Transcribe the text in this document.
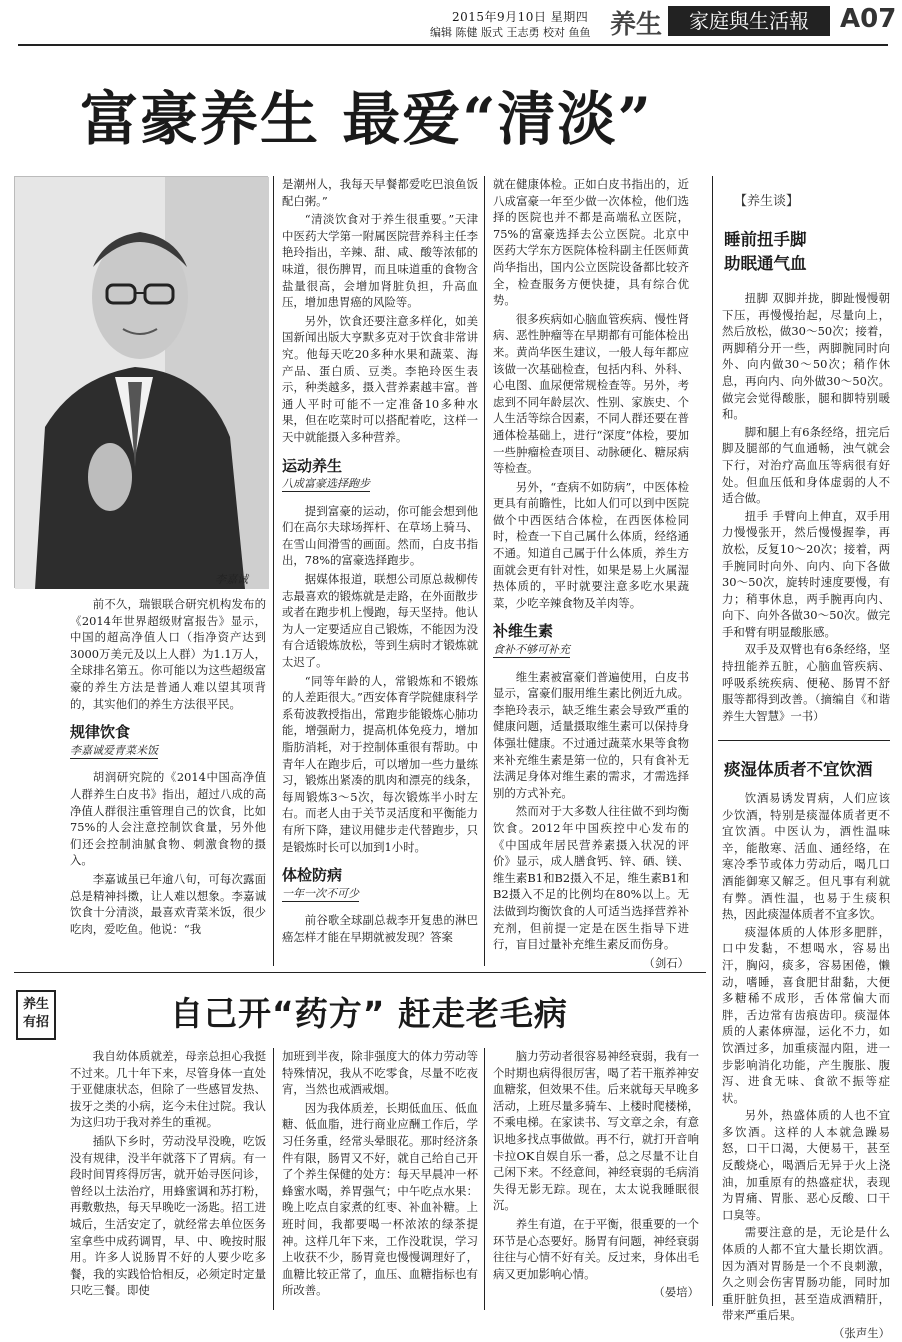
2015年9月10日 星期四
编辑 陈健 版式 王志勇 校对 鱼鱼 养生	家庭與生活報	A07
富豪养生 最爱“清淡”
李嘉诚

前不久，瑞银联合研究机构发布的《2014年世界超级财富报告》显示，中国的超高净值人口（指净资产达到3000万美元及以上人群）为1.1万人，全球排名第五。你可能以为这些超级富豪的养生方法是普通人难以望其项背的，其实他们的养生方法很平民。

规律饮食
李嘉诚爱青菜米饭

胡润研究院的《2014中国高净值人群养生白皮书》指出，超过八成的高净值人群很注重管理自己的饮食，比如75%的人会注意控制饮食量，另外他们还会控制油腻食物、刺激食物的摄入。

李嘉诚虽已年逾八旬，可每次露面总是精神抖擞，让人难以想象。李嘉诚饮食十分清淡，最喜欢青菜米饭，很少吃肉，爱吃鱼。他说：“我

是潮州人，我每天早餐都爱吃巴浪鱼饭配白粥。”

“清淡饮食对于养生很重要。”天津中医药大学第一附属医院营养科主任李艳玲指出，辛辣、甜、咸、酸等浓郁的味道，很伤脾胃，而且味道重的食物含盐量很高，会增加肾脏负担，升高血压，增加患胃癌的风险等。

另外，饮食还要注意多样化，如美国新闻出版大亨默多克对于饮食非常讲究。他每天吃20多种水果和蔬菜、海产品、蛋白质、豆类。李艳玲医生表示，种类越多，摄入营养素越丰富。普通人平时可能不一定准备10多种水果，但在吃菜时可以搭配着吃，这样一天中就能摄入多种营养。

运动养生
八成富豪选择跑步

提到富豪的运动，你可能会想到他们在高尔夫球场挥杆、在草场上骑马、在雪山间滑雪的画面。然而，白皮书指出，78%的富豪选择跑步。

据媒体报道，联想公司原总裁柳传志最喜欢的锻炼就是走路，在外面散步或者在跑步机上慢跑，每天坚持。他认为人一定要适应自己锻炼，不能因为没有合适锻炼放松，等到生病时才锻炼就太迟了。

“同等年龄的人，常锻炼和不锻炼的人差距很大。”西安体育学院健康科学系荀波教授指出，常跑步能锻炼心肺功能，增强耐力，提高机体免疫力，增加脂肪消耗，对于控制体重很有帮助。中青年人在跑步后，可以增加一些力量练习，锻炼出紧凑的肌肉和漂亮的线条，每周锻炼3～5次，每次锻炼半小时左右。而老人由于关节灵活度和平衡能力有所下降，建议用健步走代替跑步，只是锻炼时长可以加到1小时。

体检防病
一年一次不可少

前谷歌全球副总裁李开复患的淋巴癌怎样才能在早期就被发现？答案

就在健康体检。正如白皮书指出的，近八成富豪一年至少做一次体检，他们选择的医院也并不都是高端私立医院，75%的富豪选择去公立医院。北京中医药大学东方医院体检科副主任医师黄尚华指出，国内公立医院设备都比较齐全，检查服务方便快捷，具有综合优势。

很多疾病如心脑血管疾病、慢性肾病、恶性肿瘤等在早期都有可能体检出来。黄尚华医生建议，一般人每年都应该做一次基础检查，包括内科、外科、心电图、血尿便常规检查等。另外，考虑到不同年龄层次、性别、家族史、个人生活等综合因素，不同人群还要在普通体检基础上，进行“深度”体检，要加一些肿瘤检查项目、动脉硬化、糖尿病等检查。

另外，“查病不如防病”，中医体检更具有前瞻性，比如人们可以到中医院做个中西医结合体检，在西医体检同时，检查一下自己属什么体质，经络通不通。知道自己属于什么体质，养生方面就会更有针对性，如果是易上火属湿热体质的，平时就要注意多吃水果蔬菜，少吃辛辣食物及羊肉等。

补维生素
食补不够可补充

维生素被富豪们普遍使用，白皮书显示，富豪们服用维生素比例近九成。李艳玲表示，缺乏维生素会导致严重的健康问题，适量摄取维生素可以保持身体强壮健康。不过通过蔬菜水果等食物来补充维生素是第一位的，只有食补无法满足身体对维生素的需求，才需选择别的方式补充。

然而对于大多数人往往做不到均衡饮食。2012年中国疾控中心发布的《中国成年居民营养素摄入状况的评价》显示，成人膳食钙、锌、硒、镁、维生素B1和B2摄入不足，维生素B1和B2摄入不足的比例均在80%以上。无法做到均衡饮食的人可适当选择营养补充剂，但前提一定是在医生指导下进行，盲目过量补充维生素反而伤身。

（剑石）

【养生谈】
睡前扭手脚
助眠通气血

扭脚 双脚并拢，脚趾慢慢朝下压，再慢慢抬起，尽量向上，然后放松，做30～50次；接着，两脚稍分开一些，两脚腕同时向外、向内做30～50次；稍作休息，再向内、向外做30～50次。做完会觉得酸胀，腿和脚特别暖和。

脚和腿上有6条经络，扭完后脚及腿部的气血通畅，浊气就会下行，对治疗高血压等病很有好处。但血压低和身体虚弱的人不适合做。

扭手 手臂向上伸直，双手用力慢慢张开，然后慢慢握拳，再放松，反复10～20次；接着，两手腕同时向外、向内、向下各做30～50次，旋转时速度要慢，有力；稍事休息，两手腕再向内、向下、向外各做30～50次。做完手和臂有明显酸胀感。

双手及双臂也有6条经络，坚持扭能养五脏，心脑血管疾病、呼吸系统疾病、便秘、肠胃不舒服等都得到改善。（摘编自《和谐养生大智慧》一书）

痰湿体质者不宜饮酒

饮酒易诱发胃病，人们应该少饮酒，特别是痰湿体质者更不宜饮酒。中医认为，酒性温味辛，能散寒、活血、通经络，在寒冷季节或体力劳动后，喝几口酒能御寒又解乏。但凡事有利就有弊。酒性温，也易于生痰积热，因此痰湿体质者不宜多饮。

痰湿体质的人体形多肥胖，口中发黏，不想喝水，容易出汗，胸闷，痰多，容易困倦，懒动，嗜睡，喜食肥甘甜黏，大便多糖稀不成形，舌体常偏大而胖，舌边常有齿痕齿印。痰湿体质的人素体痹湿，运化不力，如饮酒过多，加重痰湿内阻，进一步影响消化功能，产生腹胀、腹泻、进食无味、食欲不振等症状。

另外，热盛体质的人也不宜多饮酒。这样的人本就急躁易怒，口干口渴，大便易干，甚至反酸烧心，喝酒后无异于火上浇油，加重原有的热盛症状，表现为胃痛、胃胀、恶心反酸、口干口臭等。

需要注意的是，无论是什么体质的人都不宜大量长期饮酒。因为酒对胃肠是一个不良刺激，久之则会伤害胃肠功能，同时加重肝脏负担，甚至造成酒精肝，带来严重后果。

（张声生）

养生
有招	自己开“药方” 赶走老毛病

我自幼体质就差，母亲总担心我挺不过来。几十年下来，尽管身体一直处于亚健康状态，但除了一些感冒发热、拔牙之类的小病，迄今未住过院。我认为这归功于我对养生的重视。

插队下乡时，劳动没早没晚，吃饭没有规律，没半年就落下了胃病。有一段时间胃疼得厉害，就开始寻医问诊，曾经以土法治疗，用蜂蜜调和苏打粉，再敷敷热，每天早晚吃一汤匙。招工进城后，生活安定了，就经常去单位医务室拿些中成药调胃，早、中、晚按时服用。许多人说肠胃不好的人要少吃多餐，我的实践恰恰相反，必须定时定量只吃三餐。即使

加班到半夜，除非强度大的体力劳动等特殊情况，我从不吃零食，尽量不吃夜宵，当然也戒酒戒烟。

因为我体质差，长期低血压、低血糖、低血脂，进行商业应酬工作后，学习任务重，经常头晕眼花。那时经济条件有限，肠胃又不好，就自己给自己开了个养生保健的处方：每天早晨冲一杯蜂蜜水喝，养胃强气；中午吃点水果：晚上吃点自家煮的红枣、补血补糖。上班时间，我都要喝一杯浓浓的绿茶提神。这样几年下来，工作没耽误，学习上收获不少，肠胃竟也慢慢调理好了，血糖比较正常了，血压、血糖指标也有所改善。

脑力劳动者很容易神经衰弱，我有一个时期也病得很厉害，喝了若干瓶养神安血糖浆，但效果不佳。后来就每天早晚多活动，上班尽量多骑车、上楼时爬楼梯，不乘电梯。在家读书、写文章之余，有意识地多找点事做做。再不行，就打开音响卡拉OK自娱自乐一番，总之尽量不让自己闲下来。不经意间，神经衰弱的毛病消失得无影无踪。现在，太太说我睡眠很沉。

养生有道，在于平衡，很重要的一个环节是心态要好。肠胃有问题，神经衰弱往往与心情不好有关。反过来，身体出毛病又更加影响心情。

（晏培）
